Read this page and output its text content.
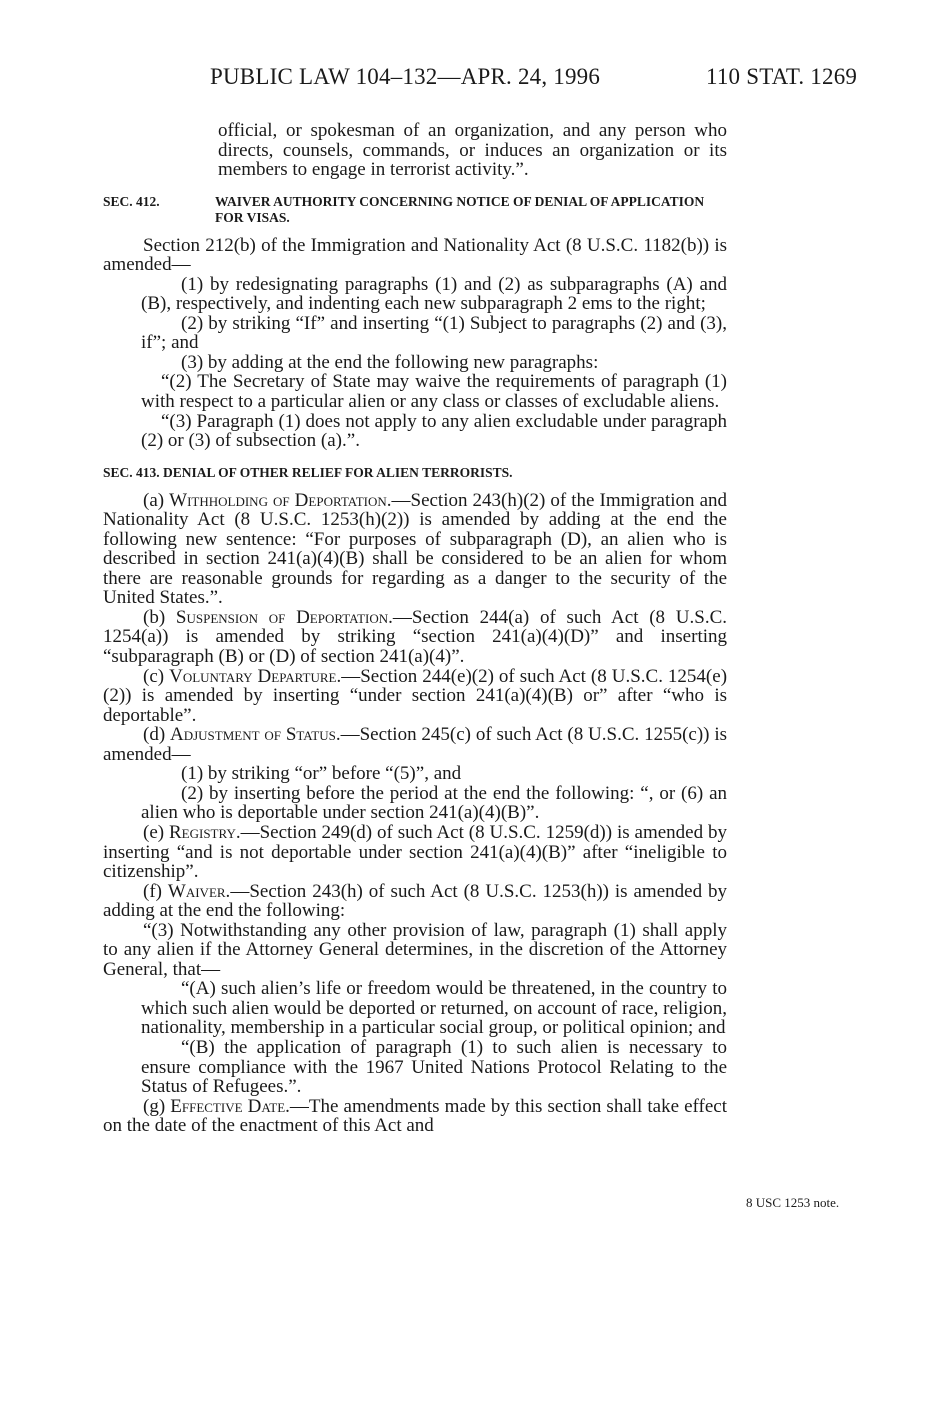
PUBLIC LAW 104–132—APR. 24, 1996	110 STAT. 1269

official, or spokesman of an organization, and any person who directs, counsels, commands, or induces an organization or its members to engage in terrorist activity.”.

SEC. 412.	WAIVER AUTHORITY CONCERNING NOTICE OF DENIAL OF APPLICATION FOR VISAS.

Section 212(b) of the Immigration and Nationality Act (8 U.S.C. 1182(b)) is amended—

(1) by redesignating paragraphs (1) and (2) as subparagraphs (A) and (B), respectively, and indenting each new subparagraph 2 ems to the right;

(2) by striking “If” and inserting “(1) Subject to paragraphs (2) and (3), if”; and

(3) by adding at the end the following new paragraphs:

“(2) The Secretary of State may waive the requirements of paragraph (1) with respect to a particular alien or any class or classes of excludable aliens.

“(3) Paragraph (1) does not apply to any alien excludable under paragraph (2) or (3) of subsection (a).”.

SEC. 413. DENIAL OF OTHER RELIEF FOR ALIEN TERRORISTS.

(a) Withholding of Deportation.—Section 243(h)(2) of the Immigration and Nationality Act (8 U.S.C. 1253(h)(2)) is amended by adding at the end the following new sentence: “For purposes of subparagraph (D), an alien who is described in section 241(a)(4)(B) shall be considered to be an alien for whom there are reasonable grounds for regarding as a danger to the security of the United States.”.

(b) Suspension of Deportation.—Section 244(a) of such Act (8 U.S.C. 1254(a)) is amended by striking “section 241(a)(4)(D)” and inserting “subparagraph (B) or (D) of section 241(a)(4)”.

(c) Voluntary Departure.—Section 244(e)(2) of such Act (8 U.S.C. 1254(e)(2)) is amended by inserting “under section 241(a)(4)(B) or” after “who is deportable”.

(d) Adjustment of Status.—Section 245(c) of such Act (8 U.S.C. 1255(c)) is amended—

(1) by striking “or” before “(5)”, and

(2) by inserting before the period at the end the following: “, or (6) an alien who is deportable under section 241(a)(4)(B)”.

(e) Registry.—Section 249(d) of such Act (8 U.S.C. 1259(d)) is amended by inserting “and is not deportable under section 241(a)(4)(B)” after “ineligible to citizenship”.

(f) Waiver.—Section 243(h) of such Act (8 U.S.C. 1253(h)) is amended by adding at the end the following:

“(3) Notwithstanding any other provision of law, paragraph (1) shall apply to any alien if the Attorney General determines, in the discretion of the Attorney General, that—

“(A) such alien’s life or freedom would be threatened, in the country to which such alien would be deported or returned, on account of race, religion, nationality, membership in a particular social group, or political opinion; and

“(B) the application of paragraph (1) to such alien is necessary to ensure compliance with the 1967 United Nations Protocol Relating to the Status of Refugees.”.

(g) Effective Date.—The amendments made by this section shall take effect on the date of the enactment of this Act and

8 USC 1253 note.
